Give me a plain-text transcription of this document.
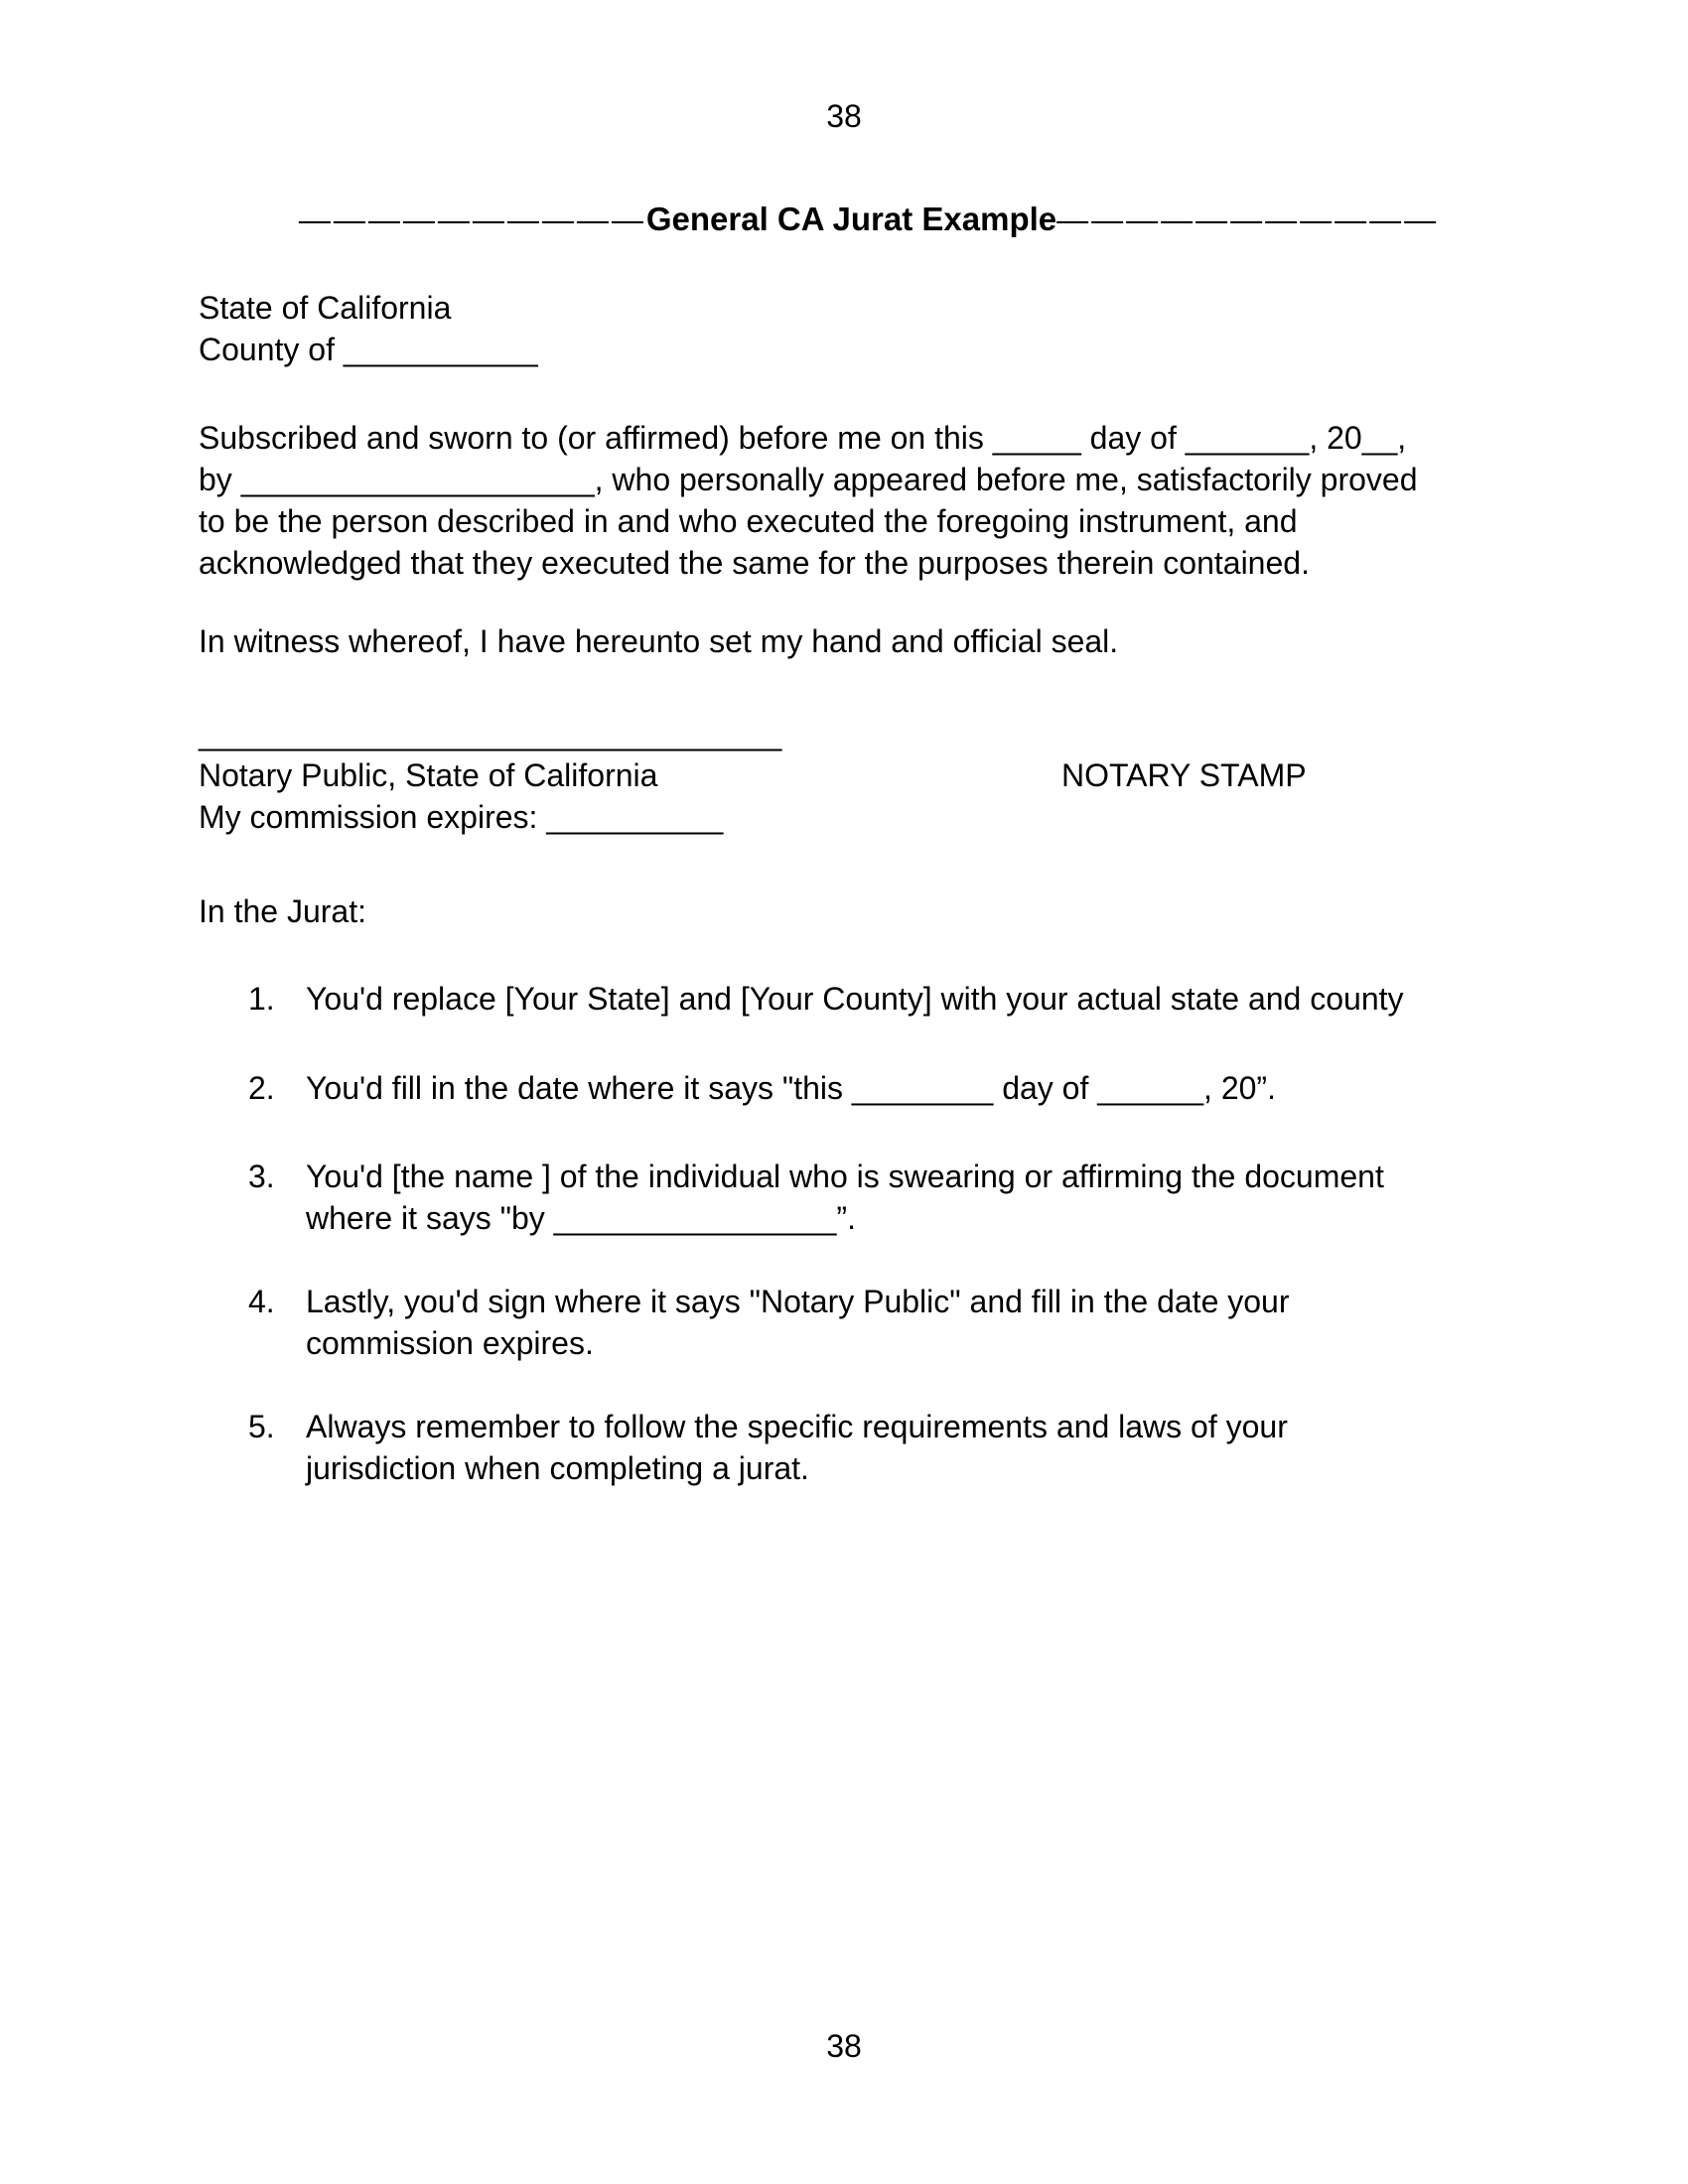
38
——————————General CA Jurat Example———————————
State of California
County of ___________
Subscribed and sworn to (or affirmed) before me on this _____ day of _______, 20__,
by ____________________, who personally appeared before me, satisfactorily proved
to be the person described in and who executed the foregoing instrument, and
acknowledged that they executed the same for the purposes therein contained.
In witness whereof, I have hereunto set my hand and official seal.
_________________________________
Notary Public, State of California
My commission expires: __________
NOTARY STAMP
In the Jurat:
1. You'd replace [Your State] and [Your County] with your actual state and county
2. You'd fill in the date where it says "this ________ day of ______, 20”.
3. You'd [the name ] of the individual who is swearing or affirming the document
where it says "by ________________”.
4. Lastly, you'd sign where it says "Notary Public" and fill in the date your
commission expires.
5. Always remember to follow the specific requirements and laws of your
jurisdiction when completing a jurat.
38
